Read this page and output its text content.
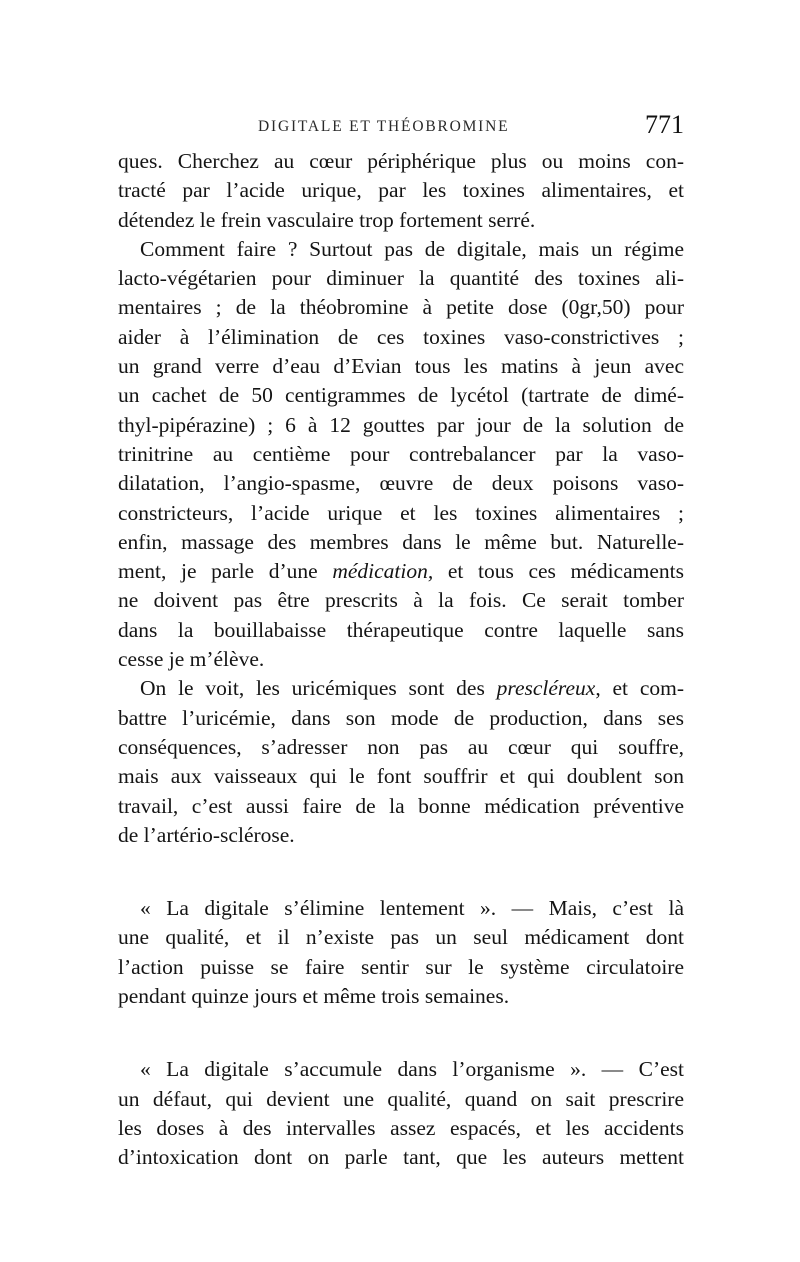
DIGITALE ET THÉOBROMINE	771
ques. Cherchez au cœur périphérique plus ou moins con-
tracté par l’acide urique, par les toxines alimentaires, et
détendez le frein vasculaire trop fortement serré.
Comment faire ? Surtout pas de digitale, mais un régime
lacto-végétarien pour diminuer la quantité des toxines ali-
mentaires ; de la théobromine à petite dose (0gr,50) pour
aider à l’élimination de ces toxines vaso-constrictives ;
un grand verre d’eau d’Evian tous les matins à jeun avec
un cachet de 50 centigrammes de lycétol (tartrate de dimé-
thyl-pipérazine) ; 6 à 12 gouttes par jour de la solution de
trinitrine au centième pour contrebalancer par la vaso-
dilatation, l’angio-spasme, œuvre de deux poisons vaso-
constricteurs, l’acide urique et les toxines alimentaires ;
enfin, massage des membres dans le même but. Naturelle-
ment, je parle d’une médication, et tous ces médicaments
ne doivent pas être prescrits à la fois. Ce serait tomber
dans la bouillabaisse thérapeutique contre laquelle sans
cesse je m’élève.
On le voit, les uricémiques sont des prescléreux, et com-
battre l’uricémie, dans son mode de production, dans ses
conséquences, s’adresser non pas au cœur qui souffre,
mais aux vaisseaux qui le font souffrir et qui doublent son
travail, c’est aussi faire de la bonne médication préventive
de l’artério-sclérose.
« La digitale s’élimine lentement ». — Mais, c’est là
une qualité, et il n’existe pas un seul médicament dont
l’action puisse se faire sentir sur le système circulatoire
pendant quinze jours et même trois semaines.
« La digitale s’accumule dans l’organisme ». — C’est
un défaut, qui devient une qualité, quand on sait prescrire
les doses à des intervalles assez espacés, et les accidents
d’intoxication dont on parle tant, que les auteurs mettent
